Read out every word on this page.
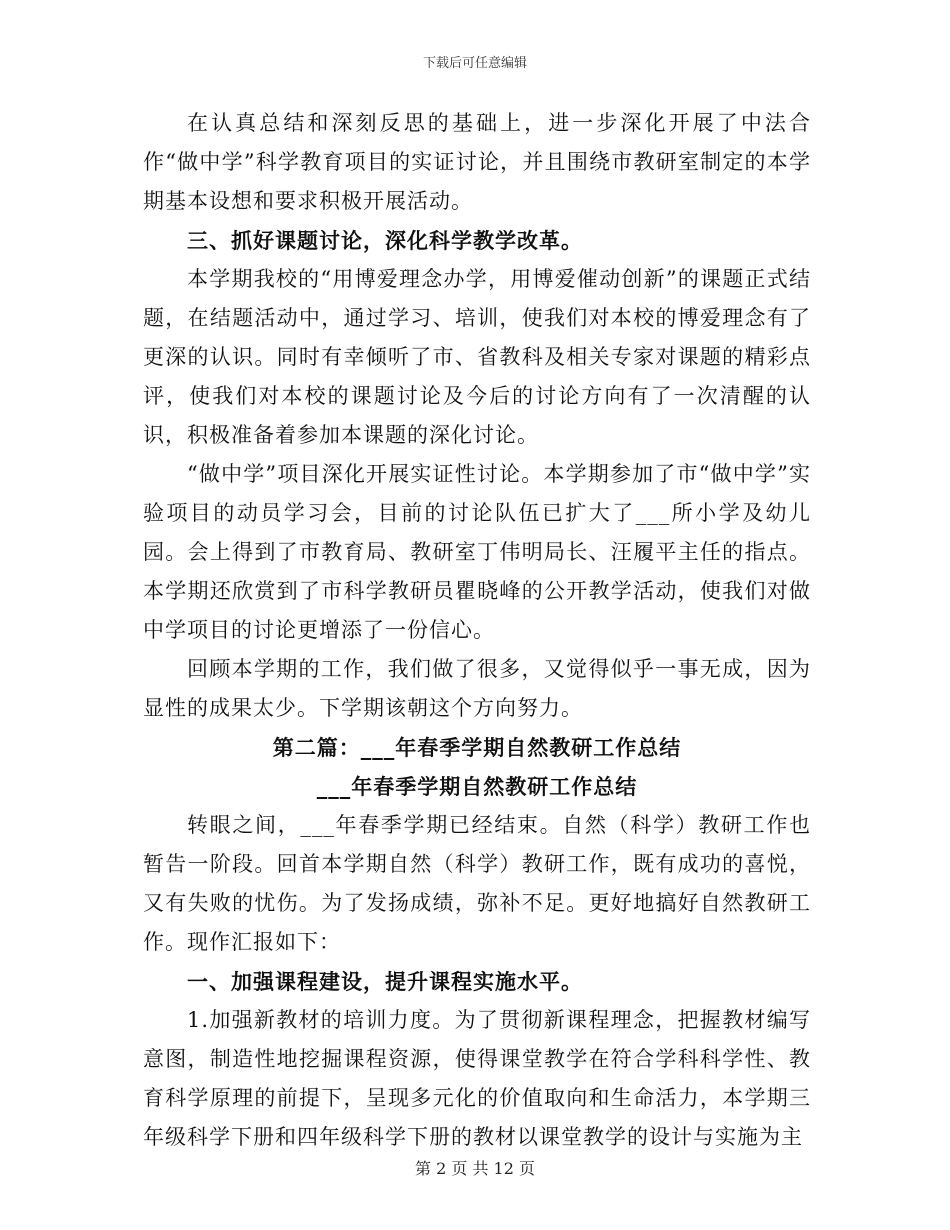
下载后可任意编辑

在认真总结和深刻反思的基础上，进一步深化开展了中法合作“做中学”科学教育项目的实证讨论，并且围绕市教研室制定的本学期基本设想和要求积极开展活动。

三、抓好课题讨论，深化科学教学改革。

本学期我校的“用博爱理念办学，用博爱催动创新”的课题正式结题，在结题活动中，通过学习、培训，使我们对本校的博爱理念有了更深的认识。同时有幸倾听了市、省教科及相关专家对课题的精彩点评，使我们对本校的课题讨论及今后的讨论方向有了一次清醒的认识，积极准备着参加本课题的深化讨论。

“做中学”项目深化开展实证性讨论。本学期参加了市“做中学”实验项目的动员学习会，目前的讨论队伍已扩大了___所小学及幼儿园。会上得到了市教育局、教研室丁伟明局长、汪履平主任的指点。本学期还欣赏到了市科学教研员瞿晓峰的公开教学活动，使我们对做中学项目的讨论更增添了一份信心。

回顾本学期的工作，我们做了很多，又觉得似乎一事无成，因为显性的成果太少。下学期该朝这个方向努力。

第二篇：___年春季学期自然教研工作总结

___年春季学期自然教研工作总结

转眼之间，___年春季学期已经结束。自然（科学）教研工作也暂告一阶段。回首本学期自然（科学）教研工作，既有成功的喜悦，又有失败的忧伤。为了发扬成绩，弥补不足。更好地搞好自然教研工作。现作汇报如下：

一、加强课程建设，提升课程实施水平。

1.加强新教材的培训力度。为了贯彻新课程理念，把握教材编写意图，制造性地挖掘课程资源，使得课堂教学在符合学科科学性、教育科学原理的前提下，呈现多元化的价值取向和生命活力，本学期三年级科学下册和四年级科学下册的教材以课堂教学的设计与实施为主

第 2 页 共 12 页
